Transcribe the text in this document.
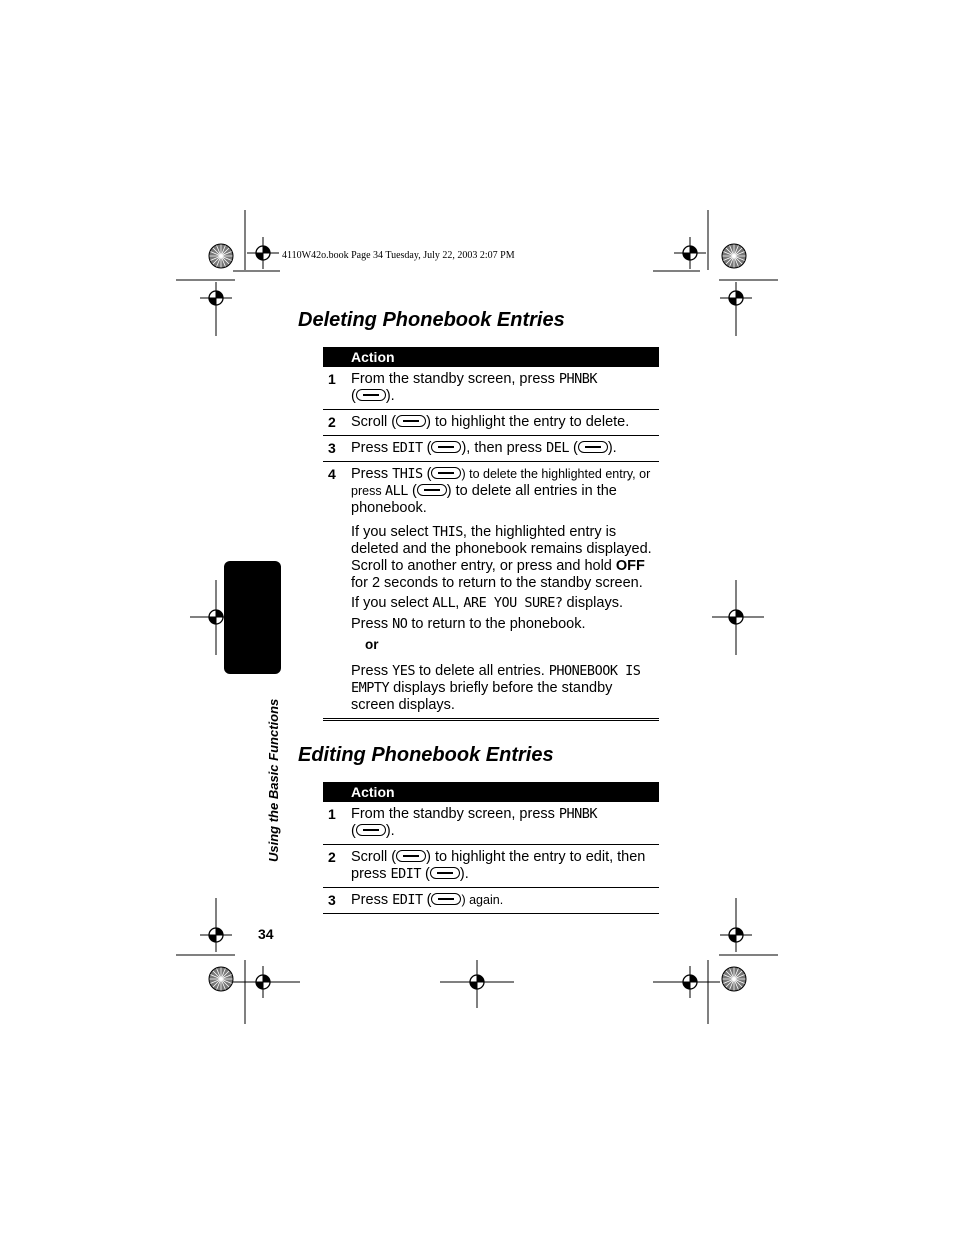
4110W42o.book Page 34 Tuesday, July 22, 2003 2:07 PM
Using the Basic Functions
34
Deleting Phonebook Entries
Action
1	From the standby screen, press PHNBK
( ).
2	Scroll ( ) to highlight the entry to delete.
3	Press EDIT ( ), then press DEL ( ).
4 Press THIS ( ) to delete the highlighted entry, or press ALL ( ) to delete all entries in the phonebook.

If you select THIS, the highlighted entry is deleted and the phonebook remains displayed. Scroll to another entry, or press and hold OFF for 2 seconds to return to the standby screen.

If you select ALL, ARE YOU SURE? displays.

Press NO to return to the phonebook.

or

Press YES to delete all entries. PHONEBOOK IS EMPTY displays briefly before the standby screen displays.

Editing Phonebook Entries
Action
1	From the standby screen, press PHNBK
( ).
2	Scroll ( ) to highlight the entry to edit, then press EDIT ( ).
3	Press EDIT ( ) again.
